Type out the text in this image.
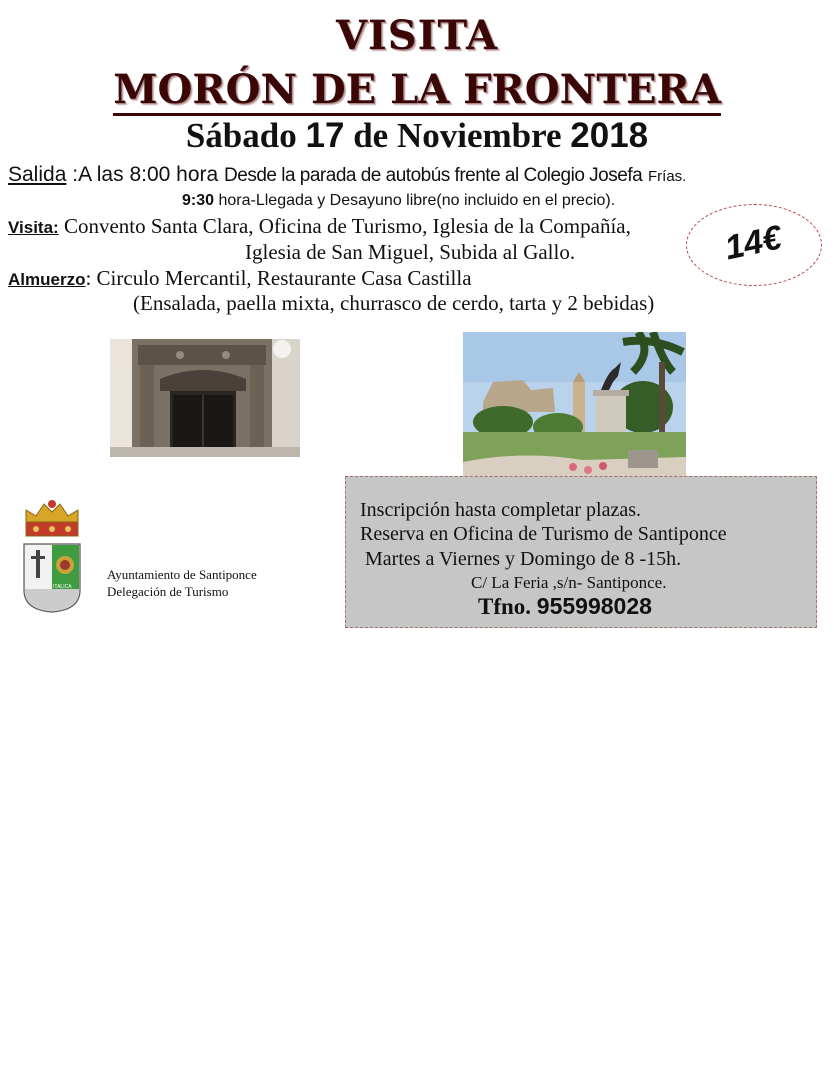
VISITA
MORÓN DE LA FRONTERA
Sábado 17 de Noviembre 2018
Salida :A las 8:00 hora Desde la parada de autobús frente al Colegio Josefa Frías.
9:30 hora-Llegada y Desayuno libre(no incluido en el precio).
Visita: Convento Santa Clara, Oficina de Turismo, Iglesia de la Compañía,
Iglesia de San Miguel, Subida al Gallo.
Almuerzo: Circulo Mercantil, Restaurante Casa Castilla
(Ensalada, paella mixta, churrasco de cerdo, tarta y 2 bebidas)
14€
ITALICA
Ayuntamiento de Santiponce
Delegación de Turismo
Inscripción hasta completar plazas.
Reserva en Oficina de Turismo de Santiponce
Martes a Viernes y Domingo de 8 -15h.
C/ La Feria ,s/n- Santiponce.
Tfno. 955998028
